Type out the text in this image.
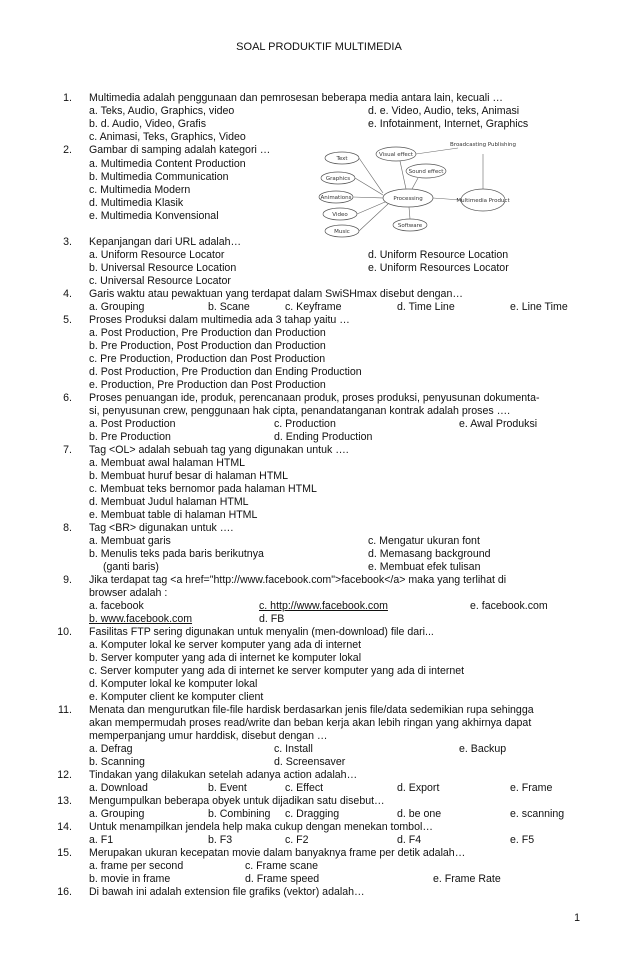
SOAL PRODUKTIF MULTIMEDIA
1. Multimedia adalah penggunaan dan pemrosesan beberapa media antara lain, kecuali …
a. Teks, Audio, Graphics, video	d. e. Video, Audio, teks, Animasi
b. d. Audio, Video, Grafis	e. Infotainment, Internet, Graphics
c. Animasi, Teks, Graphics, Video
2. Gambar di samping adalah kategori …
a. Multimedia Content Production
b. Multimedia Communication
c. Multimedia Modern
d. Multimedia Klasik
e. Multimedia Konvensional
3. Kepanjangan dari URL adalah…
a. Uniform Resource Locator	d. Uniform Resource Location
b. Universal Resource Location	e. Uniform Resources Locator
c. Universal Resource Locator
4. Garis waktu atau pewaktuan yang terdapat dalam SwiSHmax disebut dengan…
a. Grouping	b. Scane	c. Keyframe	d. Time Line	e. Line Time
5. Proses Produksi dalam multimedia ada 3 tahap yaitu …
a. Post Production, Pre Production dan Production
b. Pre Production, Post Production dan Production
c. Pre Production, Production dan Post Production
d. Post Production, Pre Production dan Ending Production
e. Production, Pre Production dan Post Production
6. Proses penuangan ide, produk, perencanaan produk, proses produksi, penyusunan dokumenta-
si, penyusunan crew, penggunaan hak cipta, penandatanganan kontrak adalah proses ….
a. Post Production	c. Production	e. Awal Produksi
b. Pre Production	d. Ending Production
7. Tag <OL> adalah sebuah tag yang digunakan untuk ….
a. Membuat awal halaman HTML
b. Membuat huruf besar di halaman HTML
c. Membuat teks bernomor pada halaman HTML
d. Membuat Judul halaman HTML
e. Membuat table di halaman HTML
8. Tag <BR> digunakan untuk ….
a. Membuat garis	c. Mengatur ukuran font
b. Menulis teks pada baris berikutnya	d. Memasang background
(ganti baris)	e. Membuat efek tulisan
9. Jika terdapat tag <a href="http://www.facebook.com">facebook</a> maka yang terlihat di
browser adalah :
a. facebook	c. http://www.facebook.com	e. facebook.com
b. www.facebook.com	d. FB
10. Fasilitas FTP sering digunakan untuk menyalin (men-download) file dari...
a. Komputer lokal ke server komputer yang ada di internet
b. Server komputer yang ada di internet ke komputer lokal
c. Server komputer yang ada di internet ke server komputer yang ada di internet
d. Komputer lokal ke komputer lokal
e. Komputer client ke komputer client
11. Menata dan mengurutkan file-file hardisk berdasarkan jenis file/data sedemikian rupa sehingga
akan mempermudah proses read/write dan beban kerja akan lebih ringan yang akhirnya dapat
memperpanjang umur harddisk, disebut dengan …
a. Defrag	c. Install	e. Backup
b. Scanning	d. Screensaver
12. Tindakan yang dilakukan setelah adanya action adalah…
a. Download	b. Event	c. Effect	d. Export	e. Frame
13. Mengumpulkan beberapa obyek untuk dijadikan satu disebut…
a. Grouping	b. Combining c. Dragging	d. be one	e. scanning
14. Untuk menampilkan jendela help maka cukup dengan menekan tombol…
a. F1	b. F3	c. F2	d. F4	e. F5
15. Merupakan ukuran kecepatan movie dalam banyaknya frame per detik adalah…
a. frame per second	c. Frame scane
b. movie in frame	d. Frame speed	e. Frame Rate
16. Di bawah ini adalah extension file grafiks (vektor) adalah…
Text
Graphics
Animations
Video
Music
Visual effect
Sound effect
Processing
Software
Broadcasting Publishing
Multimedia Product
1
